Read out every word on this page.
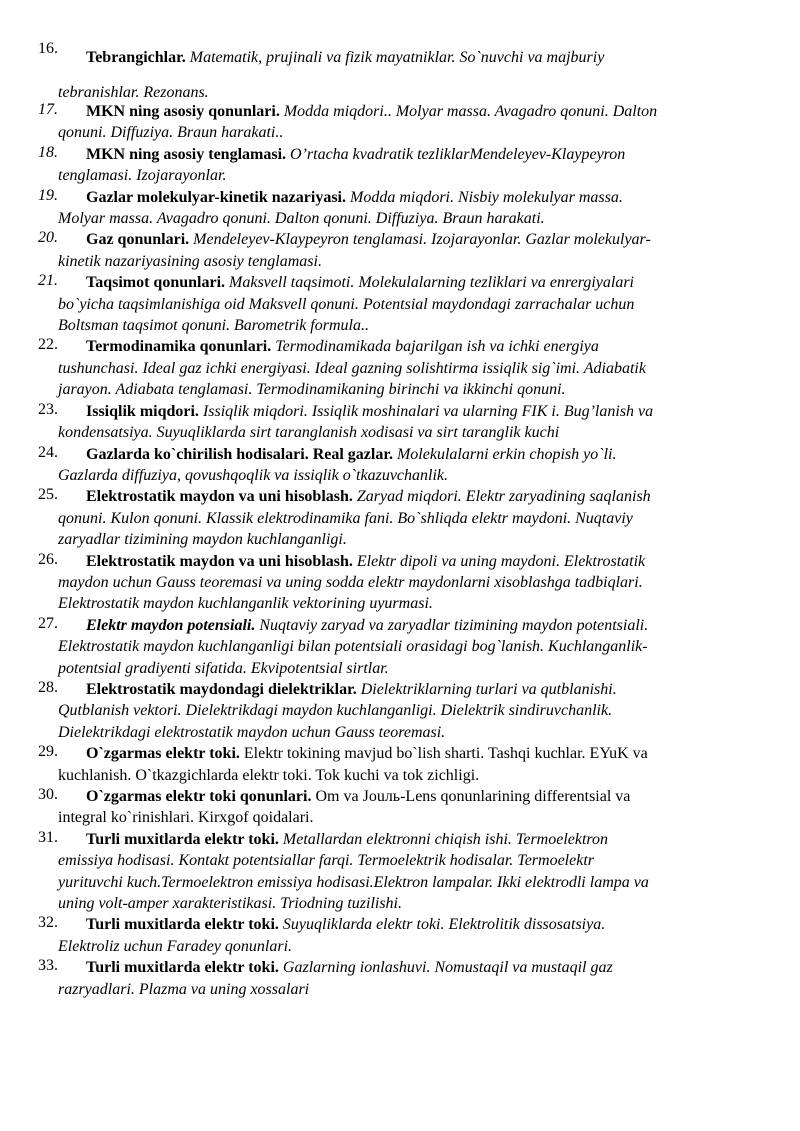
16.
Tebrangichlar. Matematik, prujinali va fizik mayatniklar. So`nuvchi va majburiy
tebranishlar. Rezonans.
17.	MKN ning asosiy qonunlari. Modda miqdori.. Molyar massa. Avagadro qonuni. Dalton
qonuni. Diffuziya. Braun harakati..
18.	MKN ning asosiy tenglamasi. O’rtacha kvadratik tezliklarMendeleyev-Klaypeyron
tenglamasi. Izojarayonlar.
19.	Gazlar molekulyar-kinetik nazariyasi. Modda miqdori. Nisbiy molekulyar massa.
Molyar massa. Avagadro qonuni. Dalton qonuni. Diffuziya. Braun harakati.
20.	Gaz qonunlari. Mendeleyev-Klaypeyron tenglamasi. Izojarayonlar. Gazlar molekulyar-
kinetik nazariyasining asosiy tenglamasi.
21.	Taqsimot qonunlari. Maksvell taqsimoti. Molekulalarning tezliklari va enrergiyalari
bo`yicha taqsimlanishiga oid Maksvell qonuni. Potentsial maydondagi zarrachalar uchun
Boltsman taqsimot qonuni. Barometrik formula..
22.	Termodinamika qonunlari. Termodinamikada bajarilgan ish va ichki energiya
tushunchasi. Ideal gaz ichki energiyasi. Ideal gazning solishtirma issiqlik sig`imi. Adiabatik
jarayon. Adiabata tenglamasi. Termodinamikaning birinchi va ikkinchi qonuni.
23.	Issiqlik miqdori. Issiqlik miqdori. Issiqlik moshinalari va ularning FIK i. Bug’lanish va
kondensatsiya. Suyuqliklarda sirt taranglanish xodisasi va sirt taranglik kuchi
24.	Gazlarda ko`chirilish hodisalari. Real gazlar. Molekulalarni erkin chopish yo`li.
Gazlarda diffuziya, qovushqoqlik va issiqlik o`tkazuvchanlik.
25.	Elektrostatik maydon va uni hisoblash. Zaryad miqdori. Elektr zaryadining saqlanish
qonuni. Kulon qonuni. Klassik elektrodinamika fani. Bo`shliqda elektr maydoni. Nuqtaviy
zaryadlar tizimining maydon kuchlanganligi.
26.	Elektrostatik maydon va uni hisoblash. Elektr dipoli va uning maydoni. Elektrostatik
maydon uchun Gauss teoremasi va uning sodda elektr maydonlarni xisoblashga tadbiqlari.
Elektrostatik maydon kuchlanganlik vektorining uyurmasi.
27.	Elektr maydon potensiali. Nuqtaviy zaryad va zaryadlar tizimining maydon potentsiali.
Elektrostatik maydon kuchlanganligi bilan potentsiali orasidagi bog`lanish. Kuchlanganlik-
potentsial gradiyenti sifatida. Ekvipotentsial sirtlar.
28.	Elektrostatik maydondagi dielektriklar. Dielektriklarning turlari va qutblanishi.
Qutblanish vektori. Dielektrikdagi maydon kuchlanganligi. Dielektrik sindiruvchanlik.
Dielektrikdagi elektrostatik maydon uchun Gauss teoremasi.
29.	O`zgarmas elektr toki. Elektr tokining mavjud bo`lish sharti. Tashqi kuchlar. EYuK va
kuchlanish. O`tkazgichlarda elektr toki. Tok kuchi va tok zichligi.
30.	O`zgarmas elektr toki qonunlari. Om va Jouль-Lens qonunlarining differentsial va
integral ko`rinishlari. Kirxgof qoidalari.
31.	Turli muxitlarda elektr toki. Metallardan elektronni chiqish ishi. Termoelektron
emissiya hodisasi. Kontakt potentsiallar farqi. Termoelektrik hodisalar. Termoelektr
yurituvchi kuch.Termoelektron emissiya hodisasi.Elektron lampalar. Ikki elektrodli lampa va
uning volt-amper xarakteristikasi. Triodning tuzilishi.
32.	Turli muxitlarda elektr toki. Suyuqliklarda elektr toki. Elektrolitik dissosatsiya.
Elektroliz uchun Faradey qonunlari.
33.	Turli muxitlarda elektr toki. Gazlarning ionlashuvi. Nomustaqil va mustaqil gaz
razryadlari. Plazma va uning xossalari
